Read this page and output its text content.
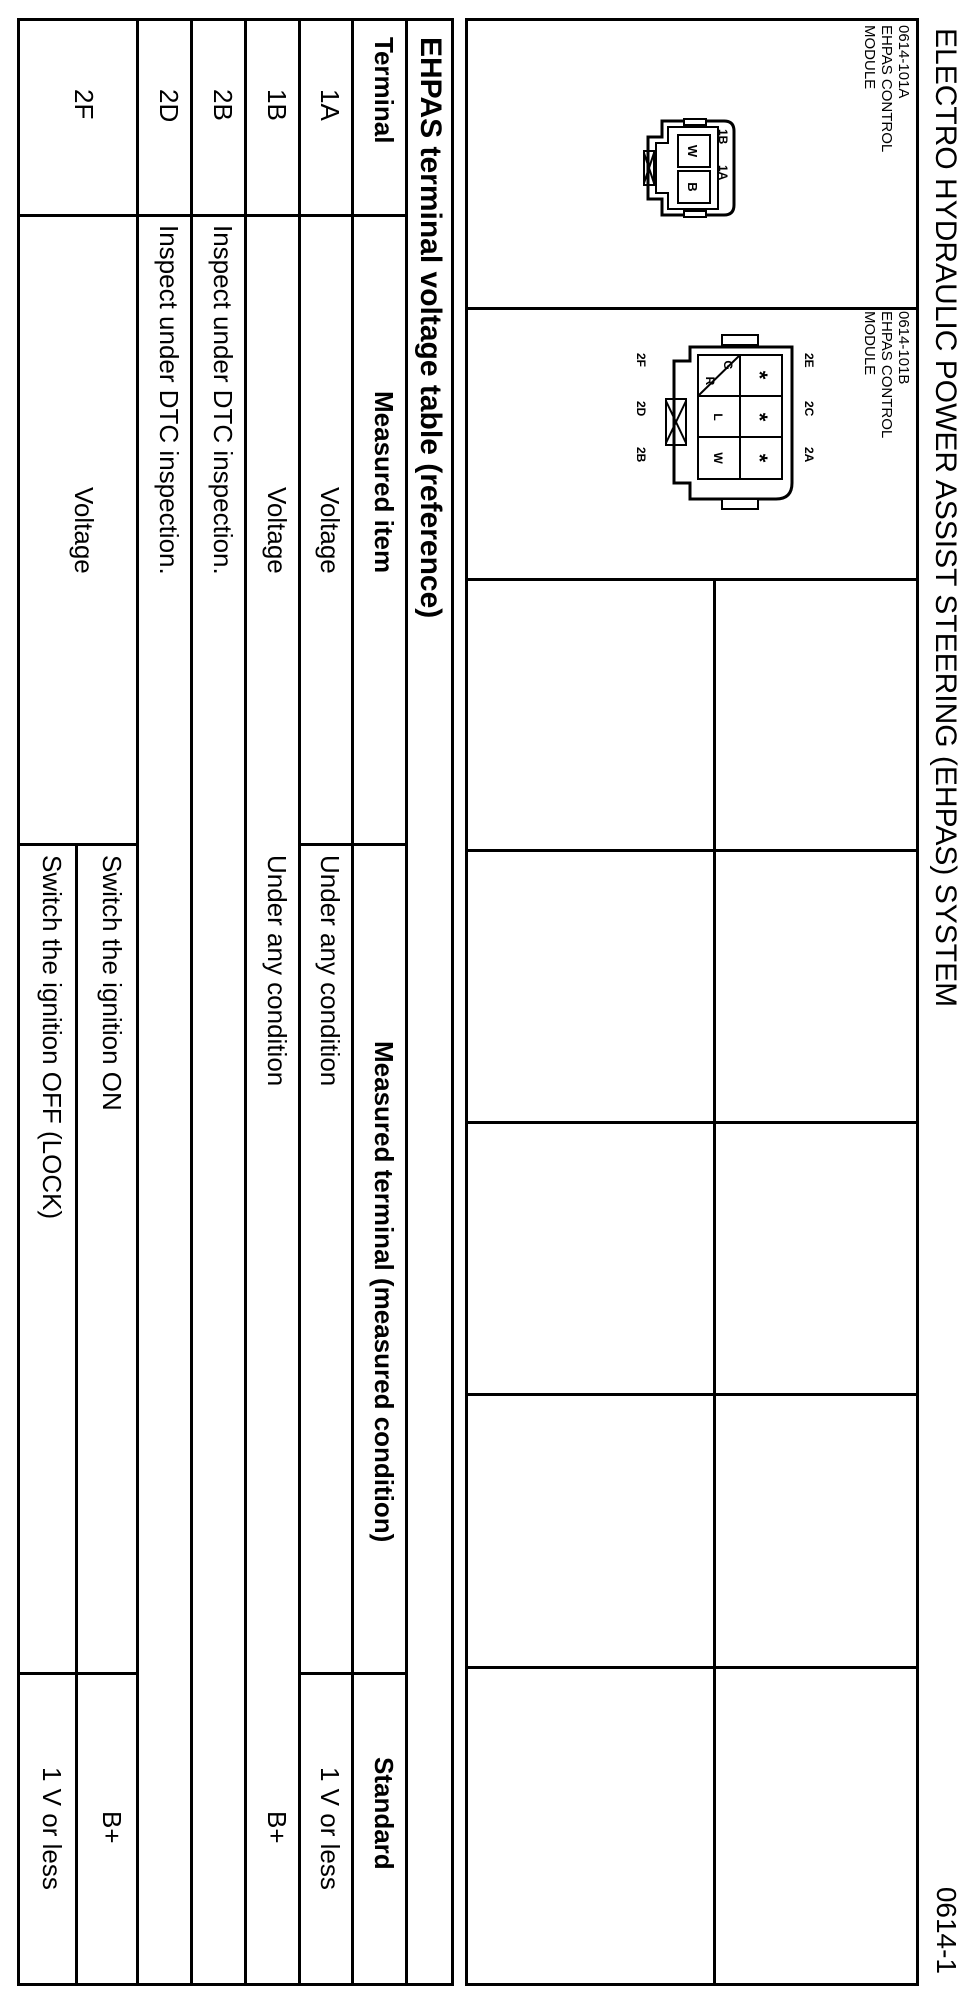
ELECTRO HYDRAULIC POWER ASSIST STEERING (EHPAS) SYSTEM
0614-1
0614-101A
EHPAS CONTROL
MODULE
W
B
1B
1A
0614-101B
EHPAS CONTROL
MODULE
2E
2C
2A
*
*
*
G
R
L
W
2F
2D
2B
EHPAS terminal voltage table (reference)
Terminal
Measured item
Measured terminal (measured condition)
Standard
1A
Voltage
Under any condition
1 V or less
1B
Voltage
Under any condition
B+
2B
Inspect under DTC inspection.
2D
Inspect under DTC inspection.
2F
Voltage
Switch the ignition ON
B+
Switch the ignition OFF (LOCK)
1 V or less
